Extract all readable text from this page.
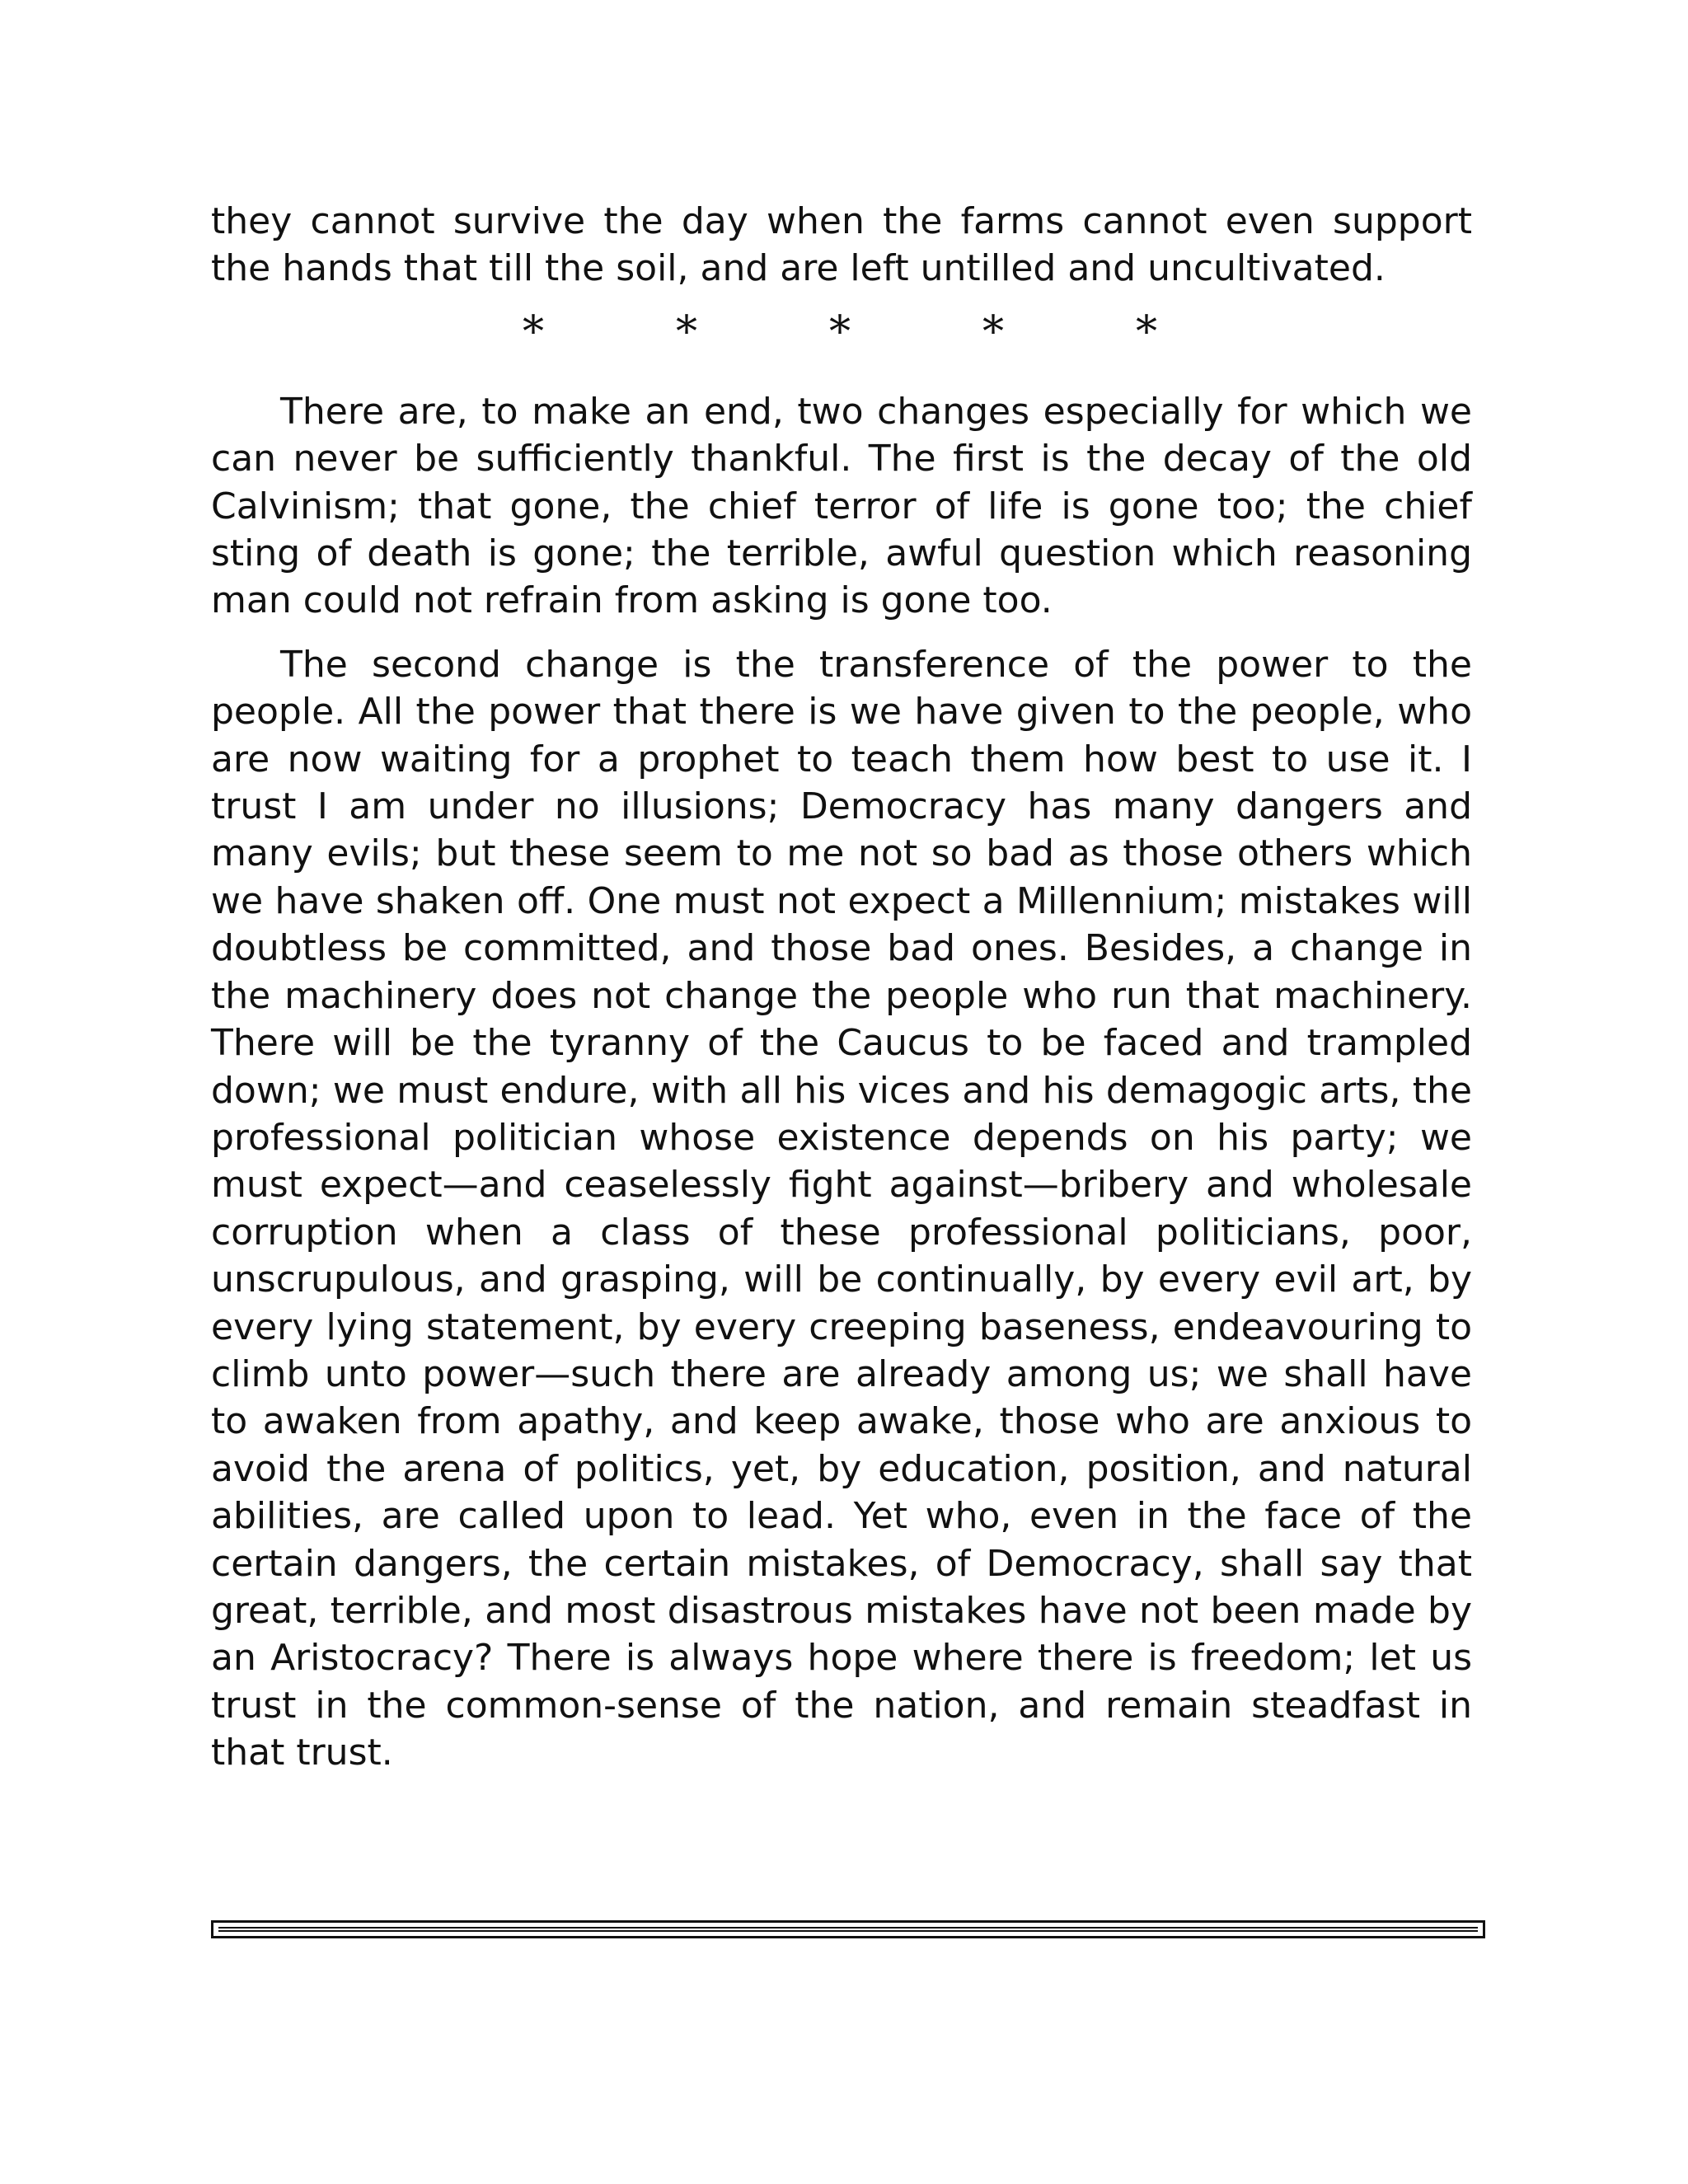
they cannot survive the day when the farms cannot even support the hands that till the soil, and are left untilled and uncultivated.

*	*	*	*	*

There are, to make an end, two changes especially for which we can never be sufficiently thankful. The first is the decay of the old Calvinism; that gone, the chief terror of life is gone too; the chief sting of death is gone; the terrible, awful question which reasoning man could not refrain from asking is gone too.

The second change is the transference of the power to the people. All the power that there is we have given to the people, who are now waiting for a prophet to teach them how best to use it. I trust I am under no illusions; Democracy has many dangers and many evils; but these seem to me not so bad as those others which we have shaken off. One must not expect a Millennium; mistakes will doubtless be committed, and those bad ones. Besides, a change in the machinery does not change the people who run that machinery. There will be the tyranny of the Caucus to be faced and trampled down; we must endure, with all his vices and his demagogic arts, the professional politician whose existence depends on his party; we must expect—and ceaselessly fight against—bribery and wholesale corruption when a class of these professional politicians, poor, unscrupulous, and grasping, will be continually, by every evil art, by every lying statement, by every creeping baseness, endeavouring to climb unto power—such there are already among us; we shall have to awaken from apathy, and keep awake, those who are anxious to avoid the arena of politics, yet, by education, position, and natural abilities, are called upon to lead. Yet who, even in the face of the certain dangers, the certain mistakes, of Democracy, shall say that great, terrible, and most disastrous mistakes have not been made by an Aristocracy? There is always hope where there is freedom; let us trust in the common-sense of the nation, and remain steadfast in that trust.
